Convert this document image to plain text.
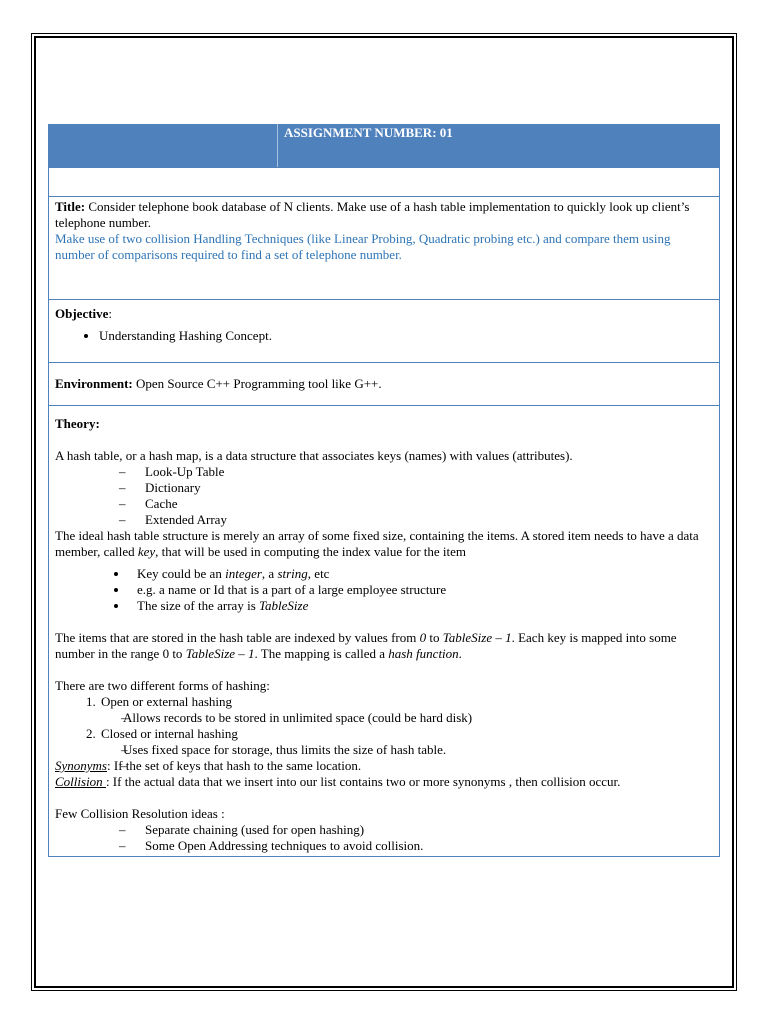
	ASSIGNMENT NUMBER: 01

Title: Consider telephone book database of N clients. Make use of a hash table implementation to quickly look up client’s telephone number.

Make use of two collision Handling Techniques (like Linear Probing, Quadratic probing etc.) and compare them using number of comparisons required to find a set of telephone number.

Objective:

• Understanding Hashing Concept.

Environment: Open Source C++ Programming tool like G++.

Theory:

A hash table, or a hash map, is a data structure that associates keys (names) with values (attributes).

– Look-Up Table
– Dictionary
– Cache
– Extended Array

The ideal hash table structure is merely an array of some fixed size, containing the items. A stored item needs to have a data member, called key, that will be used in computing the index value for the item

• Key could be an integer, a string, etc
• e.g. a name or Id that is a part of a large employee structure
• The size of the array is TableSize

The items that are stored in the hash table are indexed by values from 0 to TableSize – 1. Each key is mapped into some number in the range 0 to TableSize – 1. The mapping is called a hash function.

There are two different forms of hashing:

1. Open or external hashing
– Allows records to be stored in unlimited space (could be hard disk)
2. Closed or internal hashing
– Uses fixed space for storage, thus limits the size of hash table.

Synonyms: If the set of keys that hash to the same location.

Collision : If the actual data that we insert into our list contains two or more synonyms , then collision occur.

Few Collision Resolution ideas :

– Separate chaining (used for open hashing)
– Some Open Addressing techniques to avoid collision.
